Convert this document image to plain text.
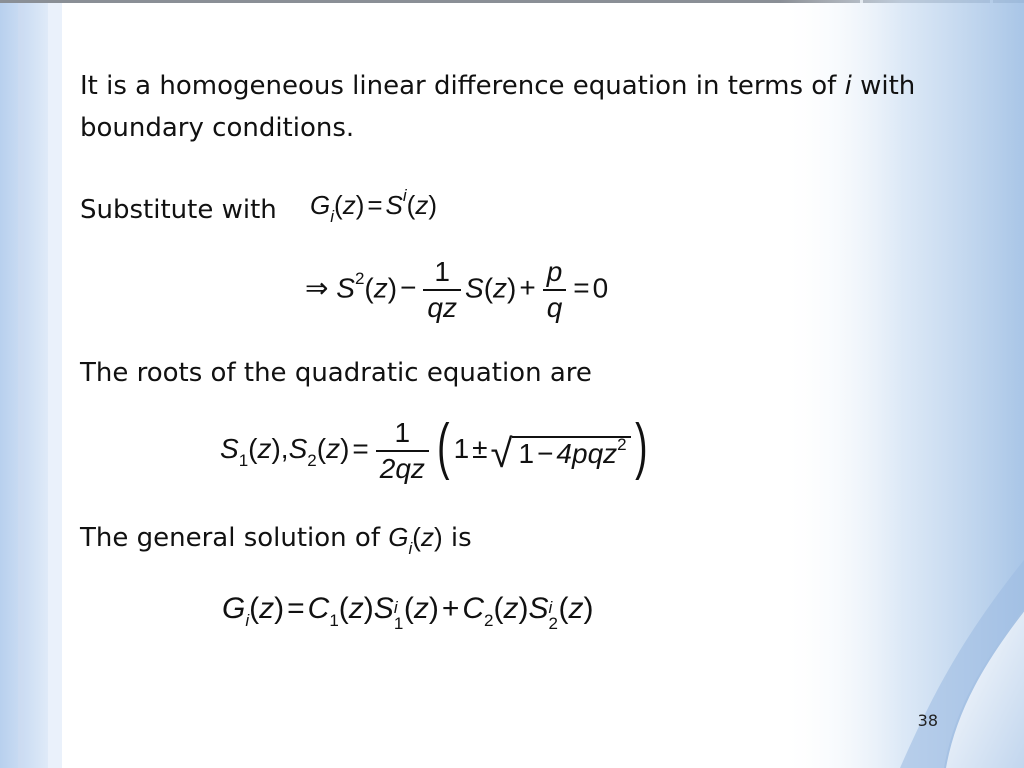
It is a homogeneous linear difference equation in terms of i with
boundary conditions.
Substitute with $G_i(z) = S^i(z)$
⇒ $S^2(z) - \frac{1}{qz} S(z) + \frac{p}{q} = 0$
The roots of the quadratic equation are
$S_1(z),S_2(z) = \frac{1}{2qz}$ ( 1 ±√ 1 − 4pqz$^2$ )
The general solution of $G_i(z)$ is
$G_i(z) = C_1(z)S$ i
1 $(z) + C_2(z)S$ i
2 (z)
38
